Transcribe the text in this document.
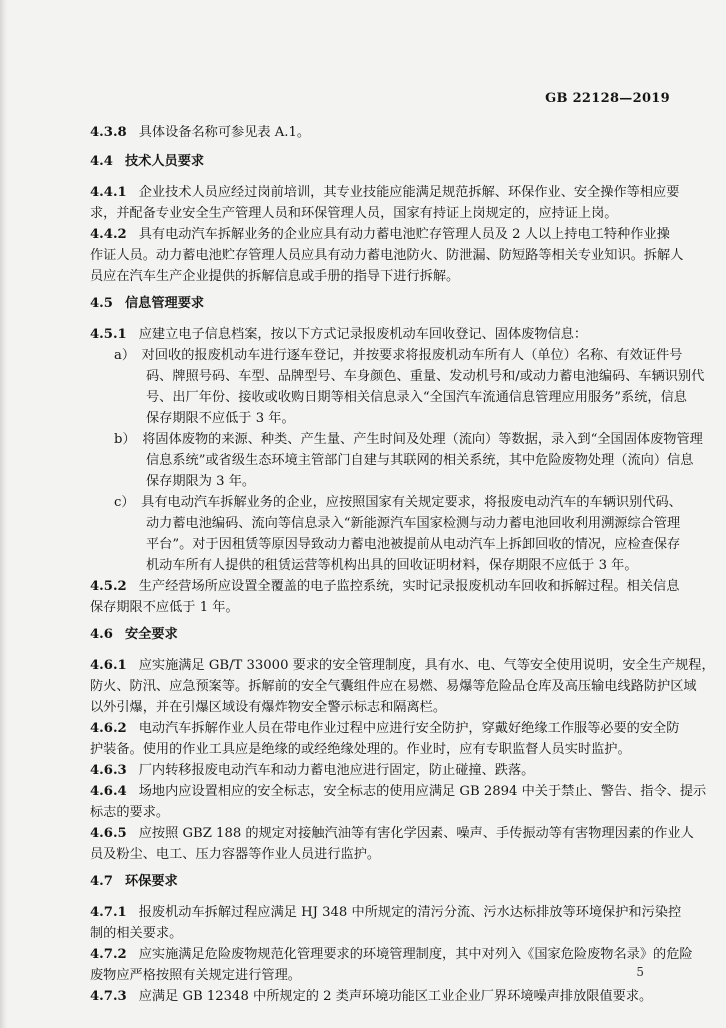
GB 22128—2019

4.3.8 具体设备名称可参见表 A.1。

4.4 技术人员要求

4.4.1 企业技术人员应经过岗前培训，其专业技能应能满足规范拆解、环保作业、安全操作等相应要

求，并配备专业安全生产管理人员和环保管理人员，国家有持证上岗规定的，应持证上岗。

4.4.2 具有电动汽车拆解业务的企业应具有动力蓄电池贮存管理人员及 2 人以上持电工特种作业操

作证人员。动力蓄电池贮存管理人员应具有动力蓄电池防火、防泄漏、防短路等相关专业知识。拆解人

员应在汽车生产企业提供的拆解信息或手册的指导下进行拆解。

4.5 信息管理要求

4.5.1 应建立电子信息档案，按以下方式记录报废机动车回收登记、固体废物信息：

a）　对回收的报废机动车进行逐车登记，并按要求将报废机动车所有人（单位）名称、有效证件号

码、牌照号码、车型、品牌型号、车身颜色、重量、发动机号和/或动力蓄电池编码、车辆识别代

号、出厂年份、接收或收购日期等相关信息录入“全国汽车流通信息管理应用服务”系统，信息

保存期限不应低于 3 年。

b）　将固体废物的来源、种类、产生量、产生时间及处理（流向）等数据，录入到“全国固体废物管理

信息系统”或省级生态环境主管部门自建与其联网的相关系统，其中危险废物处理（流向）信息

保存期限为 3 年。

c）　具有电动汽车拆解业务的企业，应按照国家有关规定要求，将报废电动汽车的车辆识别代码、

动力蓄电池编码、流向等信息录入“新能源汽车国家检测与动力蓄电池回收利用溯源综合管理

平台”。对于因租赁等原因导致动力蓄电池被提前从电动汽车上拆卸回收的情况，应检查保存

机动车所有人提供的租赁运营等机构出具的回收证明材料，保存期限不应低于 3 年。

4.5.2 生产经营场所应设置全覆盖的电子监控系统，实时记录报废机动车回收和拆解过程。相关信息

保存期限不应低于 1 年。

4.6 安全要求

4.6.1 应实施满足 GB/T 33000 要求的安全管理制度，具有水、电、气等安全使用说明，安全生产规程，

防火、防汛、应急预案等。拆解前的安全气囊组件应在易燃、易爆等危险品仓库及高压输电线路防护区域

以外引爆，并在引爆区域设有爆炸物安全警示标志和隔离栏。

4.6.2 电动汽车拆解作业人员在带电作业过程中应进行安全防护，穿戴好绝缘工作服等必要的安全防

护装备。使用的作业工具应是绝缘的或经绝缘处理的。作业时，应有专职监督人员实时监护。

4.6.3 厂内转移报废电动汽车和动力蓄电池应进行固定，防止碰撞、跌落。

4.6.4 场地内应设置相应的安全标志，安全标志的使用应满足 GB 2894 中关于禁止、警告、指令、提示

标志的要求。

4.6.5 应按照 GBZ 188 的规定对接触汽油等有害化学因素、噪声、手传振动等有害物理因素的作业人

员及粉尘、电工、压力容器等作业人员进行监护。

4.7 环保要求

4.7.1 报废机动车拆解过程应满足 HJ 348 中所规定的清污分流、污水达标排放等环境保护和污染控

制的相关要求。

4.7.2 应实施满足危险废物规范化管理要求的环境管理制度，其中对列入《国家危险废物名录》的危险

废物应严格按照有关规定进行管理。

4.7.3 应满足 GB 12348 中所规定的 2 类声环境功能区工业企业厂界环境噪声排放限值要求。

5
